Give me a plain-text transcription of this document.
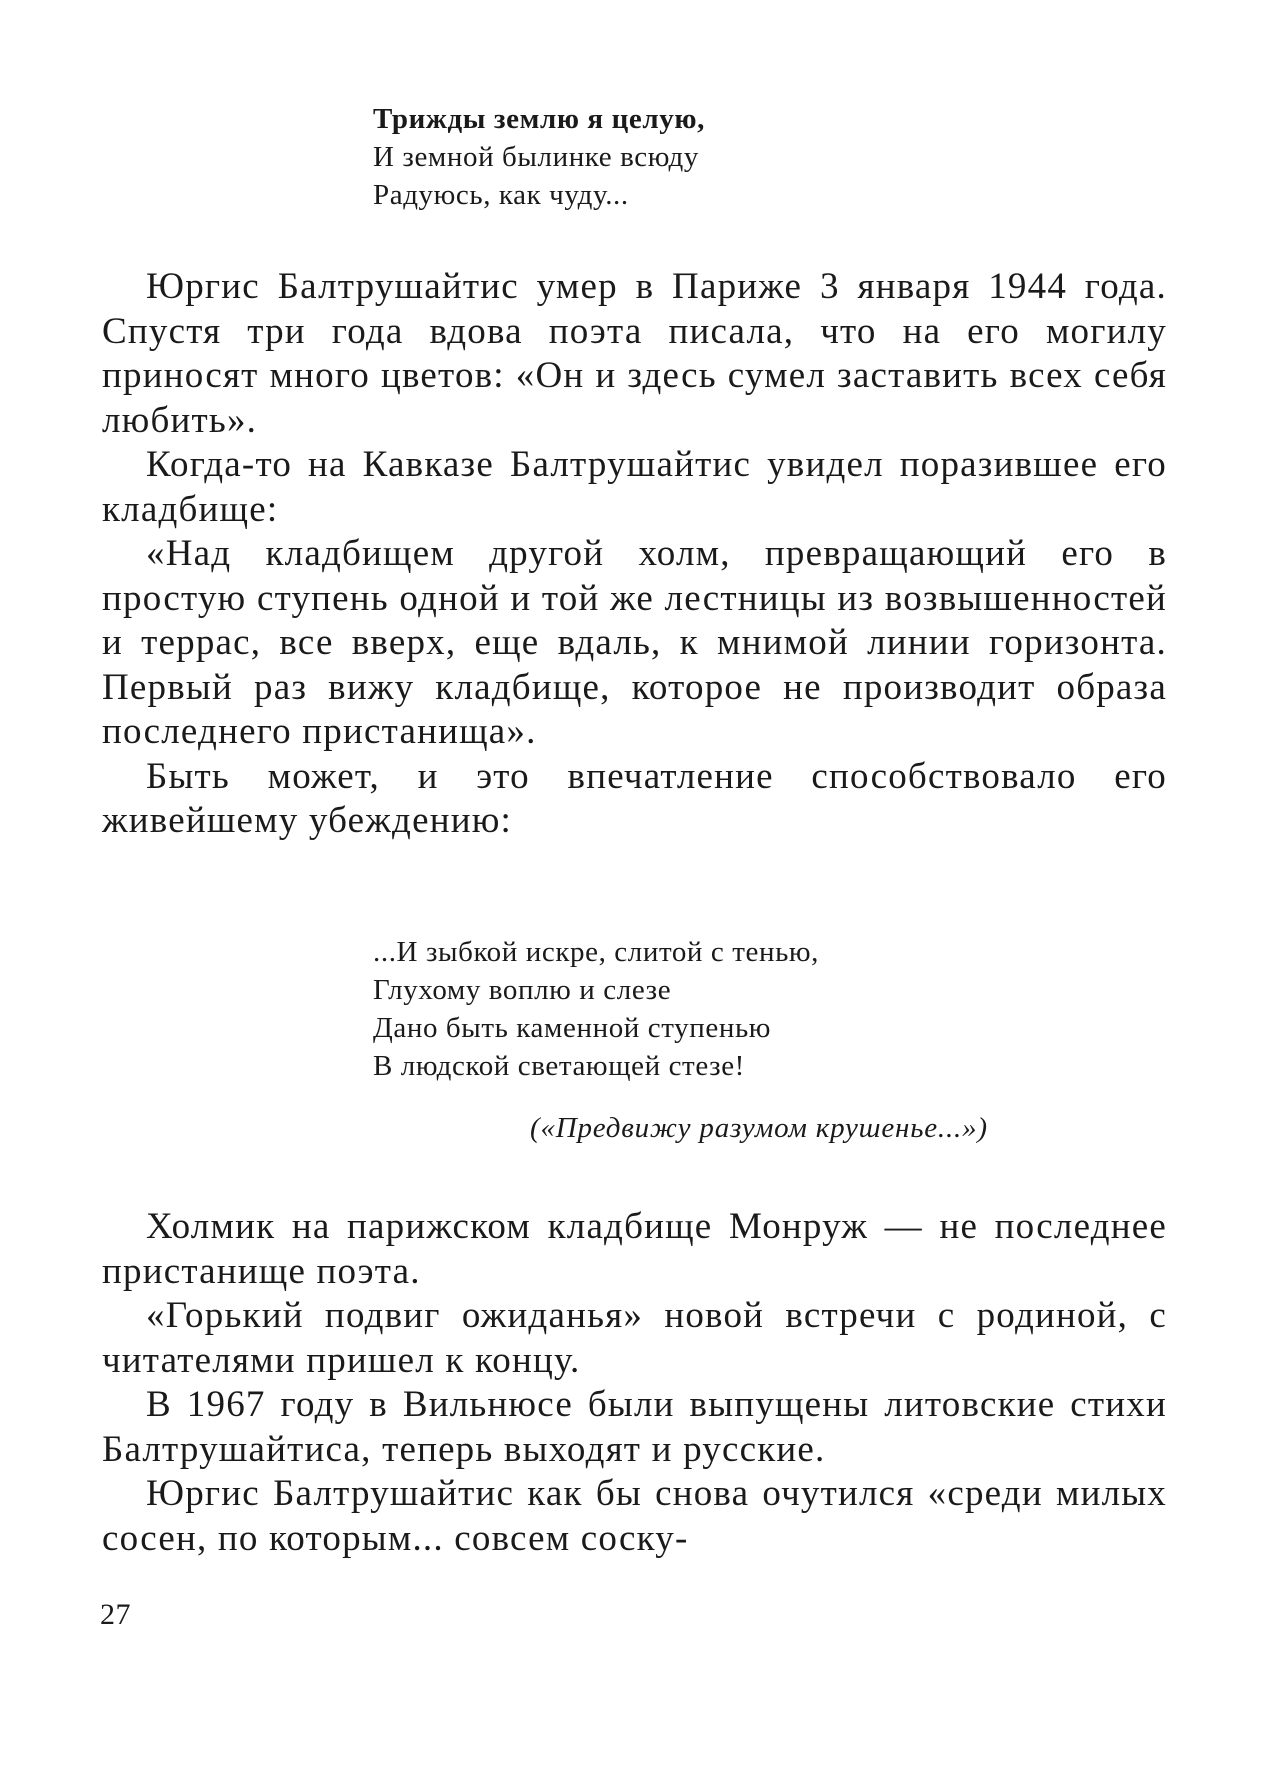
Трижды землю я целую,
И земной былинке всюду
Радуюсь, как чуду...

Юргис Балтрушайтис умер в Париже 3 января 1944 года. Спустя три года вдова поэта писала, что на его могилу приносят много цветов: «Он и здесь сумел заставить всех себя любить».

Когда-то на Кавказе Балтрушайтис увидел поразившее его кладбище:

«Над кладбищем другой холм, превращающий его в простую ступень одной и той же лестницы из возвышенностей и террас, все вверх, еще вдаль, к мнимой линии горизонта. Первый раз вижу кладбище, которое не производит образа последнего пристанища».

Быть может, и это впечатление способствовало его живейшему убеждению:

...И зыбкой искре, слитой с тенью,
Глухому воплю и слезе
Дано быть каменной ступенью
В людской светающей стезе!
(«Предвижу разумом крушенье...»)

Холмик на парижском кладбище Монруж — не последнее пристанище поэта.

«Горький подвиг ожиданья» новой встречи с родиной, с читателями пришел к концу.

В 1967 году в Вильнюсе были выпущены литовские стихи Балтрушайтиса, теперь выходят и русские.

Юргис Балтрушайтис как бы снова очутился «среди милых сосен, по которым... совсем соску-

27
